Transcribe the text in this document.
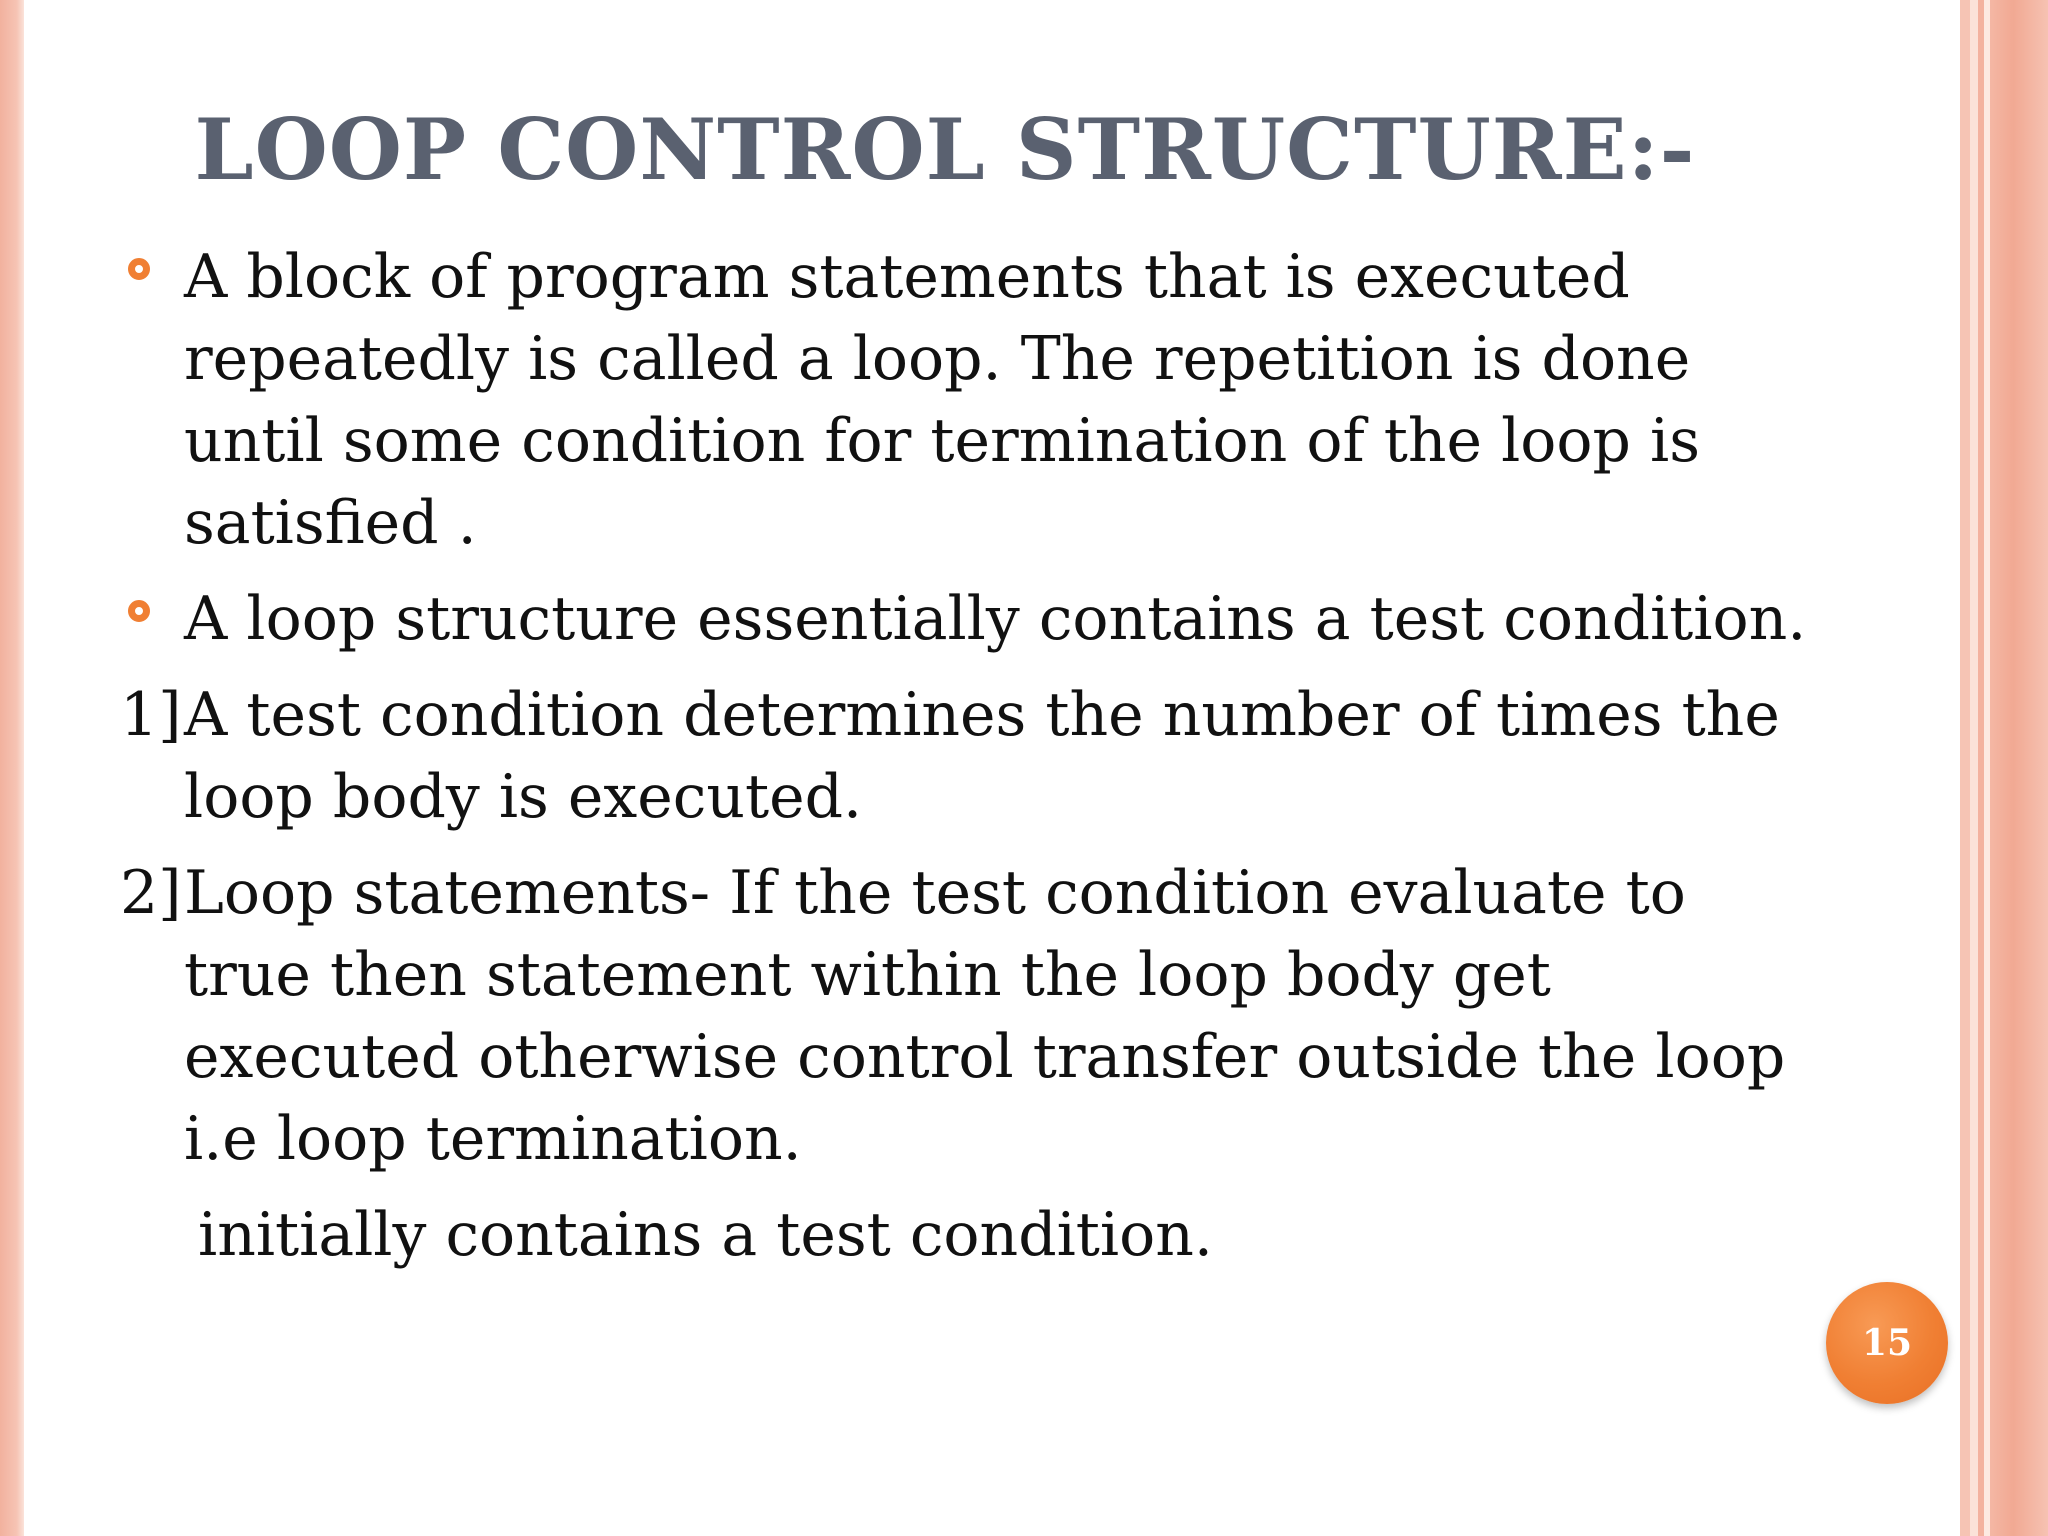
LOOP CONTROL STRUCTURE:-
A block of program statements that is executed repeatedly is called a loop. The repetition is done until some condition for termination of the loop is satisfied .
A loop structure essentially contains a test condition.
1] A test condition determines the number of times the loop body is executed.
2] Loop statements- If the test condition evaluate to true then statement within the loop body get executed otherwise control transfer outside the loop i.e loop termination.
initially contains a test condition.
15
